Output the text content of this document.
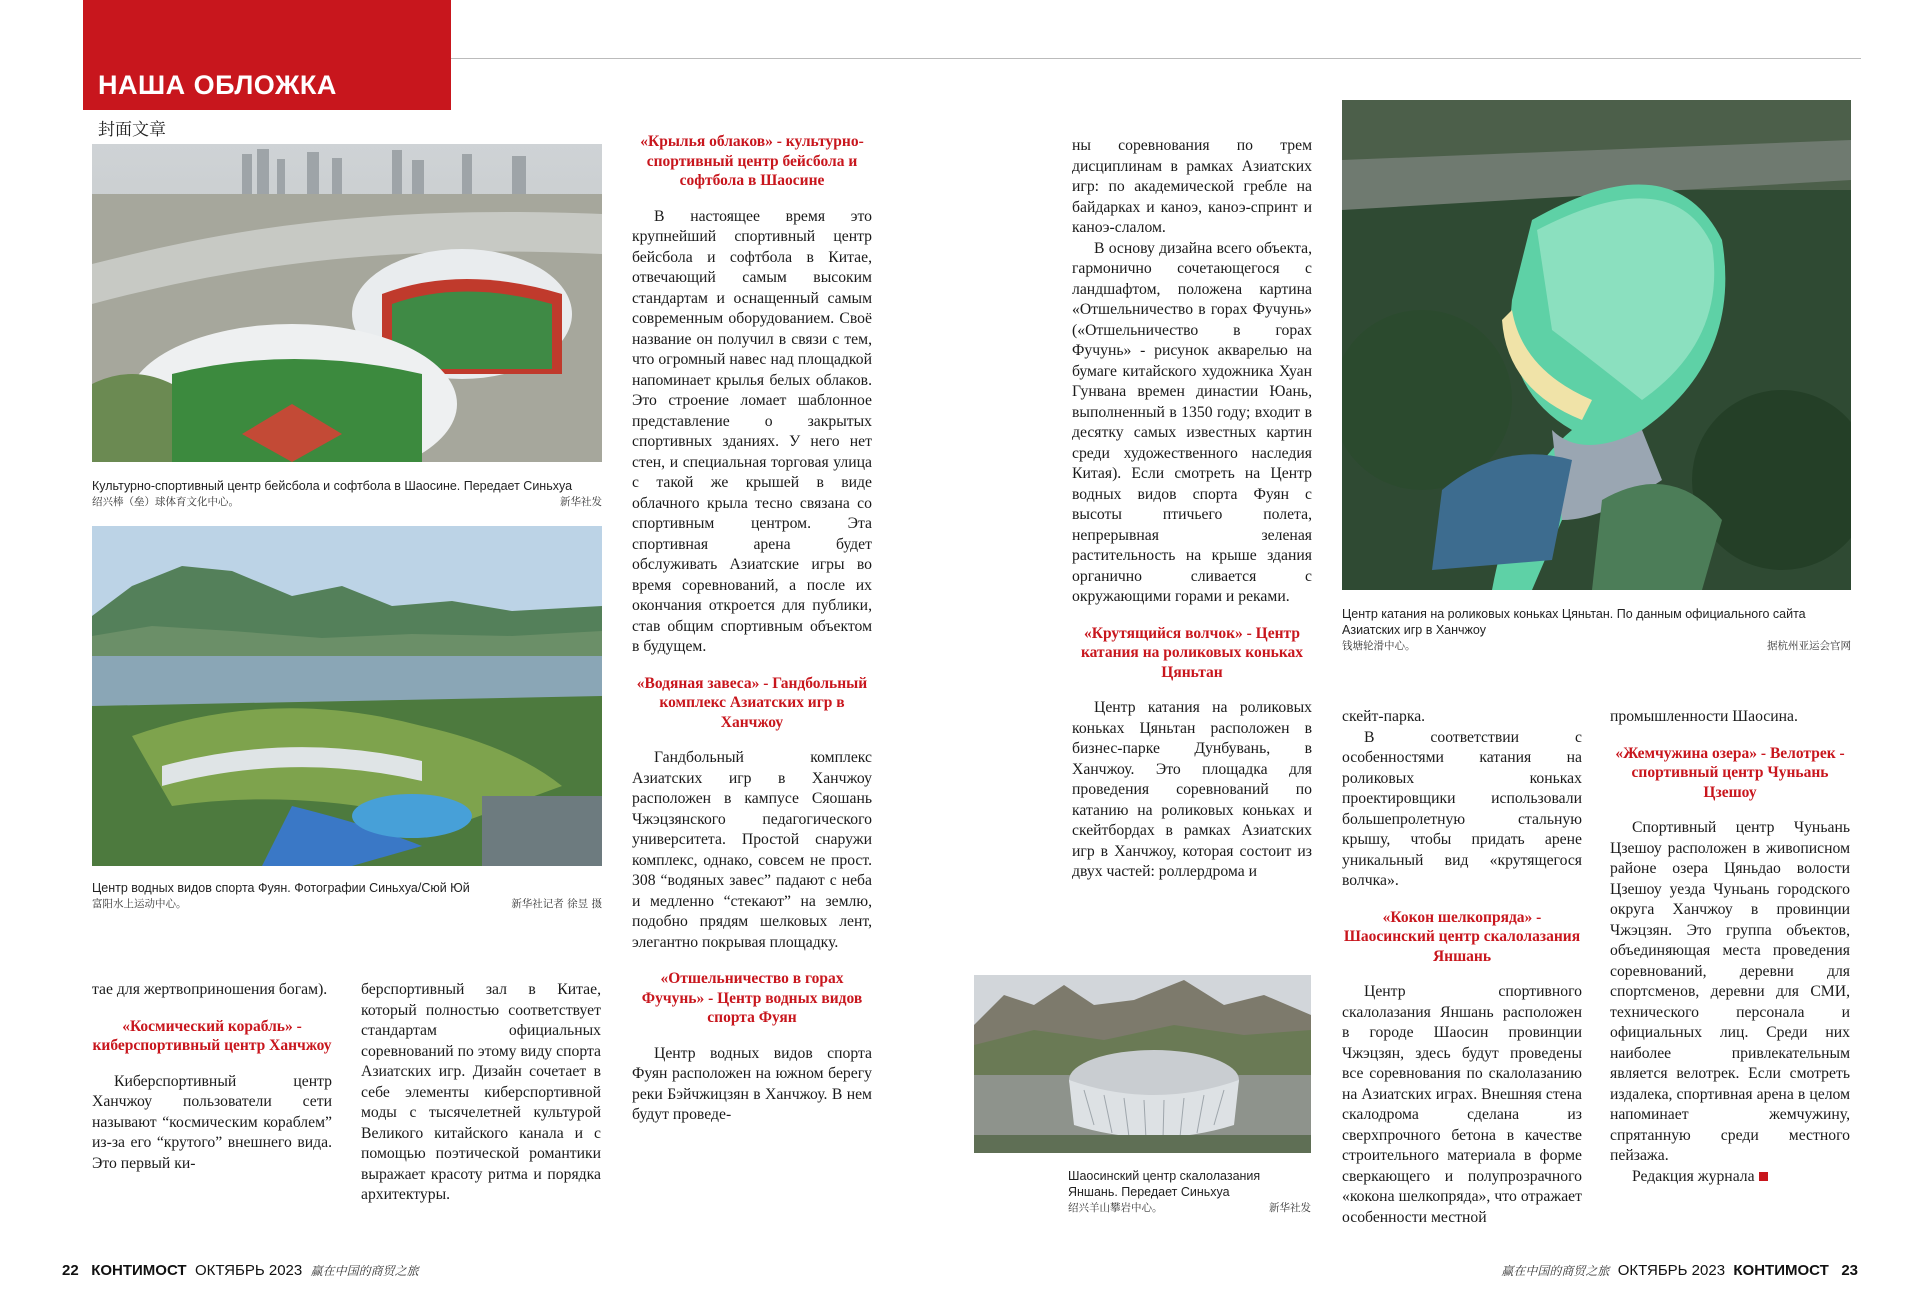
НАША ОБЛОЖКА
封面文章
Культурно-спортивный центр бейсбола и софтбола в Шаосине. Передает Синьхуа
绍兴棒（垒）球体育文化中心。	新华社发
Центр водных видов спорта Фуян. Фотографии Синьхуа/Сюй Юй
富阳水上运动中心。	新华社记者 徐昱 摄

тае для жертвоприношения богам).

«Космический корабль» - киберспортивный центр Ханчжоу

Киберспортивный центр Ханчжоу пользователи сети называют “космическим кораблем” из-за его “крутого” внешнего вида. Это первый ки-

берспортивный зал в Китае, который полностью соответствует стандартам официальных соревнований по этому виду спорта Азиатских игр. Дизайн сочетает в себе элементы киберспортивной моды с тысячелетней культурой Великого китайского канала и с помощью поэтической романтики выражает красоту ритма и порядка архитектуры.

«Крылья облаков» - культурно-спортивный центр бейсбола и софтбола в Шаосине

В настоящее время это крупнейший спортивный центр бейсбола и софтбола в Китае, отвечающий самым высоким стандартам и оснащенный самым современным оборудованием. Своё название он получил в связи с тем, что огромный навес над площадкой напоминает крылья белых облаков. Это строение ломает шаблонное представление о закрытых спортивных зданиях. У него нет стен, и специальная торговая улица с такой же крышей в виде облачного крыла тесно связана со спортивным центром. Эта спортивная арена будет обслуживать Азиатские игры во время соревнований, а после их окончания откроется для публики, став общим спортивным объектом в будущем.

«Водяная завеса» - Гандбольный комплекс Азиатских игр в Ханчжоу

Гандбольный комплекс Азиатских игр в Ханчжоу расположен в кампусе Сяошань Чжэцзянского педагогического университета. Простой снаружи комплекс, однако, совсем не прост. 308 “водяных завес” падают с неба и медленно “стекают” на землю, подобно прядям шелковых лент, элегантно покрывая площадку.

«Отшельничество в горах Фучунь» - Центр водных видов спорта Фуян

Центр водных видов спорта Фуян расположен на южном берегу реки Бэйчжицзян в Ханчжоу. В нем будут проведе-

ны соревнования по трем дисциплинам в рамках Азиатских игр: по академической гребле на байдарках и каноэ, каноэ-спринт и каноэ-слалом.

В основу дизайна всего объекта, гармонично сочетающегося с ландшафтом, положена картина «Отшельничество в горах Фучунь» («Отшельничество в горах Фучунь» - рисунок акварелью на бумаге китайского художника Хуан Гунвана времен династии Юань, выполненный в 1350 году; входит в десятку самых известных картин среди художественного наследия Китая). Если смотреть на Центр водных видов спорта Фуян с высоты птичьего полета, непрерывная зеленая растительность на крыше здания органично сливается с окружающими горами и реками.

«Крутящийся волчок» - Центр катания на роликовых коньках Цяньтан

Центр катания на роликовых коньках Цяньтан расположен в бизнес-парке Дунбувань, в Ханчжоу. Это площадка для проведения соревнований по катанию на роликовых коньках и скейтбордах в рамках Азиатских игр в Ханчжоу, которая состоит из двух частей: роллердрома и

Центр катания на роликовых коньках Цяньтан. По данным официального сайта Азиатских игр в Ханчжоу
钱塘轮滑中心。	据杭州亚运会官网
Шаосинский центр скалолазания Яншань. Передает Синьхуа
绍兴羊山攀岩中心。	新华社发

скейт-парка.

В соответствии с особенностями катания на роликовых коньках проектировщики использовали большепролетную стальную крышу, чтобы придать арене уникальный вид «крутящегося волчка».

«Кокон шелкопряда» - Шаосинский центр скалолазания Яншань

Центр спортивного скалолазания Яншань расположен в городе Шаосин провинции Чжэцзян, здесь будут проведены все соревнования по скалолазанию на Азиатских играх. Внешняя стена скалодрома сделана из сверхпрочного бетона в качестве строительного материала в форме сверкающего и полупрозрачного «кокона шелкопряда», что отражает особенности местной

промышленности Шаосина.

«Жемчужина озера» - Велотрек - спортивный центр Чуньань Цзешоу

Спортивный центр Чуньань Цзешоу расположен в живописном районе озера Цяньдао волости Цзешоу уезда Чуньань городского округа Ханчжоу в провинции Чжэцзян. Это группа объектов, объединяющая места проведения соревнований, деревни для спортсменов, деревни для СМИ, технического персонала и официальных лиц. Среди них наиболее привлекательным является велотрек. Если смотреть издалека, спортивная арена в целом напоминает жемчужину, спрятанную среди местного пейзажа.

Редакция журнала

22 КОНТИМОСТ ОКТЯБРЬ 2023 赢在中国的商贸之旅	赢在中国的商贸之旅 ОКТЯБРЬ 2023 КОНТИМОСТ 23
